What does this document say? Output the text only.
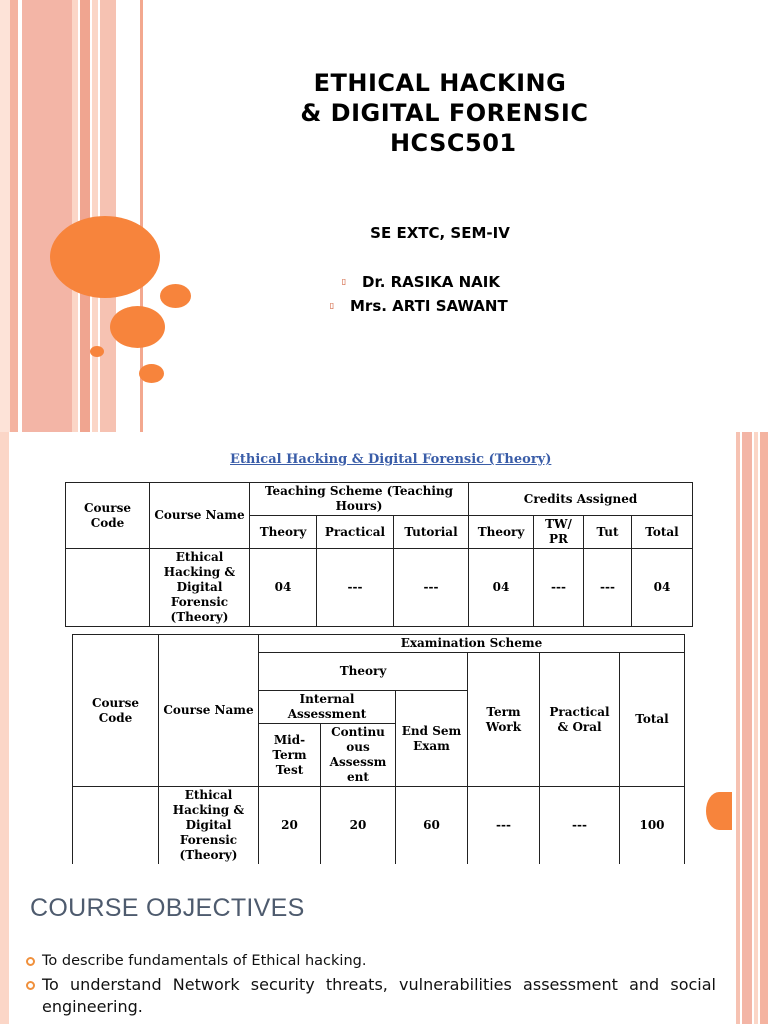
ETHICAL HACKING
& DIGITAL FORENSIC
HCSC501
SE EXTC, SEM-IV
▯ Dr. RASIKA NAIK
▯ Mrs. ARTI SAWANT
Ethical Hacking & Digital Forensic (Theory)
Course Code	Course Name	Teaching Scheme (Teaching Hours)			Credits Assigned			
		Theory	Practical	Tutorial	Theory	TW/ PR	Tut	Total
	Ethical Hacking & Digital Forensic (Theory)	04	---	---	04	---	---	04
Course Code	Course Name	Examination Scheme					
		Theory			Term Work	Practical & Oral	Total
		Internal Assessment		End Sem Exam			
		Mid- Term Test	Continu ous Assessm ent				
	Ethical Hacking & Digital Forensic (Theory)	20	20	60	---	---	100
COURSE OBJECTIVES
To describe fundamentals of Ethical hacking.
To understand Network security threats, vulnerabilities assessment and social engineering.
